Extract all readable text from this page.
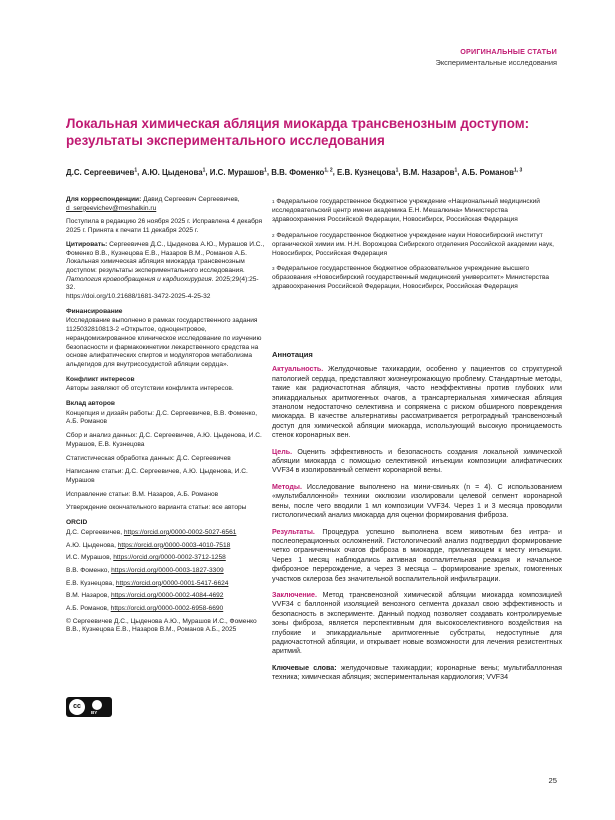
ОРИГИНАЛЬНЫЕ СТАТЬИ
Экспериментальные исследования
Локальная химическая абляция миокарда трансвенозным доступом: результаты экспериментального исследования
Д.С. Сергеевичев$^1$, А.Ю. Цыденова$^1$, И.С. Мурашов$^1$, В.В. Фоменко$^{1, 2}$, Е.В. Кузнецова$^1$, В.М. Назаров$^1$, А.Б. Романов$^{1, 3}$

Для корреспонденции: Давид Сергеевич Сергеевичев, d_sergeevichev@meshalkin.ru

Поступила в редакцию 26 ноября 2025 г. Исправлена 4 декабря 2025 г. Принята к печати 11 декабря 2025 г.

Цитировать: Сергеевичев Д.С., Цыденова А.Ю., Мурашов И.С., Фоменко В.В., Кузнецова Е.В., Назаров В.М., Романов А.Б. Локальная химическая абляция миокарда трансвенозным доступом: результаты экспериментального исследования. Патология кровообращения и кардиохирургия. 2025;29(4):25-32.
https://doi.org/10.21688/1681-3472-2025-4-25-32

Финансирование

Исследование выполнено в рамках государственного задания 1125032810813-2 «Открытое, одноцентровое, нерандомизированное клиническое исследование по изучению безопасности и фармакокинетики лекарственного средства на основе алифатических спиртов и модуляторов метаболизма альдегидов для внутрисосудистой абляции сердца».

Конфликт интересов

Авторы заявляют об отсутствии конфликта интересов.

Вклад авторов

Концепция и дизайн работы: Д.С. Сергеевичев, В.В. Фоменко, А.Б. Романов

Сбор и анализ данных: Д.С. Сергеевичев, А.Ю. Цыденова, И.С. Мурашов, Е.В. Кузнецова

Статистическая обработка данных: Д.С. Сергеевичев

Написание статьи: Д.С. Сергеевичев, А.Ю. Цыденова, И.С. Мурашов

Исправление статьи: В.М. Назаров, А.Б. Романов

Утверждение окончательного варианта статьи: все авторы

ORCID
Д.С. Сергеевичев, https://orcid.org/0000-0002-5027-6561
А.Ю. Цыденова, https://orcid.org/0000-0003-4010-7518
И.С. Мурашов, https://orcid.org/0000-0002-3712-1258
В.В. Фоменко, https://orcid.org/0000-0003-1827-3309
Е.В. Кузнецова, https://orcid.org/0000-0001-5417-6624
В.М. Назаров, https://orcid.org/0000-0002-4084-4692
А.Б. Романов, https://orcid.org/0000-0002-6958-6690

© Сергеевичев Д.С., Цыденова А.Ю., Мурашов И.С., Фоменко В.В., Кузнецова Е.В., Назаров В.М., Романов А.Б., 2025

$^1$ Федеральное государственное бюджетное учреждение «Национальный медицинский исследовательский центр имени академика Е.Н. Мешалкина» Министерства здравоохранения Российской Федерации, Новосибирск, Российская Федерация

$^2$ Федеральное государственное бюджетное учреждение науки Новосибирский институт органической химии им. Н.Н. Ворожцова Сибирского отделения Российской академии наук, Новосибирск, Российская Федерация

$^3$ Федеральное государственное бюджетное образовательное учреждение высшего образования «Новосибирский государственный медицинский университет» Министерства здравоохранения Российской Федерации, Новосибирск, Российская Федерация

Аннотация

Актуальность. Желудочковые тахикардии, особенно у пациентов со структурной патологией сердца, представляют жизнеугрожающую проблему. Стандартные методы, такие как радиочастотная абляция, часто неэффективны против глубоких или эпикардиальных аритмогенных очагов, а трансартериальная химическая абляция этанолом недостаточно селективна и сопряжена с риском обширного повреждения миокарда. В качестве альтернативы рассматривается ретроградный трансвенозный доступ для химической абляции миокарда, использующий высокую проницаемость стенок коронарных вен.

Цель. Оценить эффективность и безопасность создания локальной химической абляции миокарда с помощью селективной инъекции композиции алифатических VVF34 в изолированный сегмент коронарной вены.

Методы. Исследование выполнено на мини-свиньях (n = 4). С использованием «мультибаллонной» техники окклюзии изолировали целевой сегмент коронарной вены, после чего вводили 1 мл композиции VVF34. Через 1 и 3 месяца проводили гистологический анализ миокарда для оценки формирования фиброза.

Результаты. Процедура успешно выполнена всем животным без интра- и послеоперационных осложнений. Гистологический анализ подтвердил формирование четко ограниченных очагов фиброза в миокарде, прилегающем к месту инъекции. Через 1 месяц наблюдались активная воспалительная реакция и начальное фиброзное перерождение, а через 3 месяца – формирование зрелых, гомогенных участков склероза без значительной воспалительной инфильтрации.

Заключение. Метод трансвенозной химической абляции миокарда композицией VVF34 с баллонной изоляцией венозного сегмента доказал свою эффективность и безопасность в эксперименте. Данный подход позволяет создавать контролируемые зоны фиброза, является перспективным для высокоселективного воздействия на глубокие и эпикардиальные аритмогенные субстраты, недоступные для радиочастотной абляции, и открывает новые возможности для лечения резистентных аритмий.

Ключевые слова: желудочковые тахикардии; коронарные вены; мультибаллонная техника; химическая абляция; экспериментальная кардиология; VVF34

cc
BY
25
